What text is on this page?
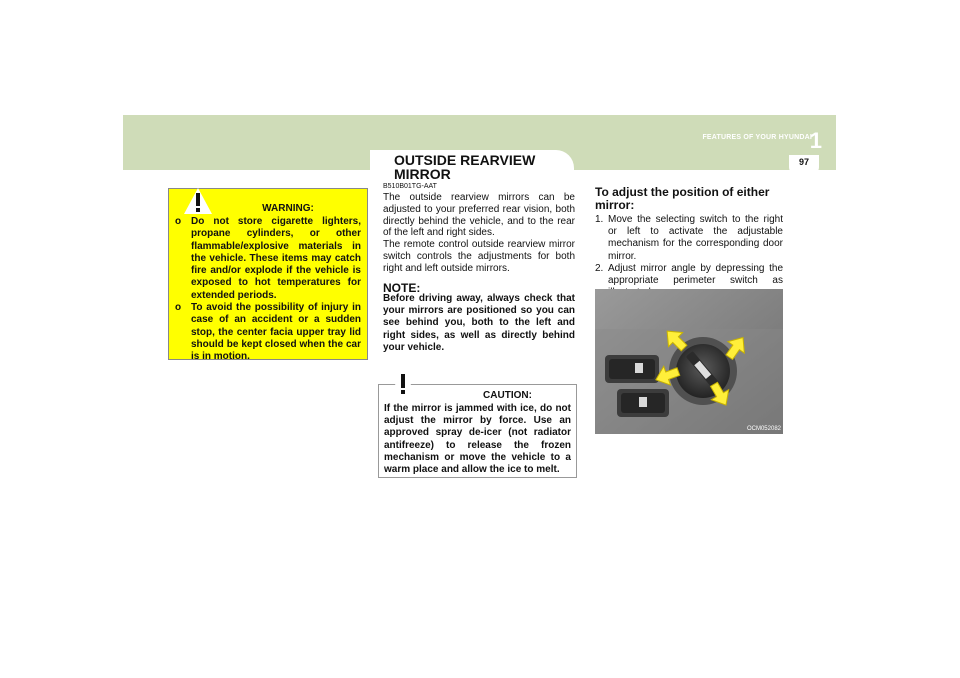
FEATURES OF YOUR HYUNDAI
1
97
OUTSIDE REARVIEW
MIRROR
WARNING:
o Do not store cigarette lighters, propane cylinders, or other flammable/explosive materials in the vehicle. These items may catch fire and/or explode if the vehicle is exposed to hot temperatures for extended periods.
o To avoid the possibility of injury in case of an accident or a sudden stop, the center facia upper tray lid should be kept closed when the car is in motion.
B510B01TG-AAT

The outside rearview mirrors can be adjusted to your preferred rear vision, both directly behind the vehicle, and to the rear of the left and right sides.

The remote control outside rearview mirror switch controls the adjustments for both right and left outside mirrors.

NOTE:

Before driving away, always check that your mirrors are positioned so you can see behind you, both to the left and right sides, as well as directly behind your vehicle.

CAUTION:

If the mirror is jammed with ice, do not adjust the mirror by force. Use an approved spray de-icer (not radiator antifreeze) to release the frozen mechanism or move the vehicle to a warm place and allow the ice to melt.

To adjust the position of either mirror:
1. Move the selecting switch to the right or left to activate the adjustable mechanism for the corresponding door mirror.
2. Adjust mirror angle by depressing the appropriate perimeter switch as
OCM052082
